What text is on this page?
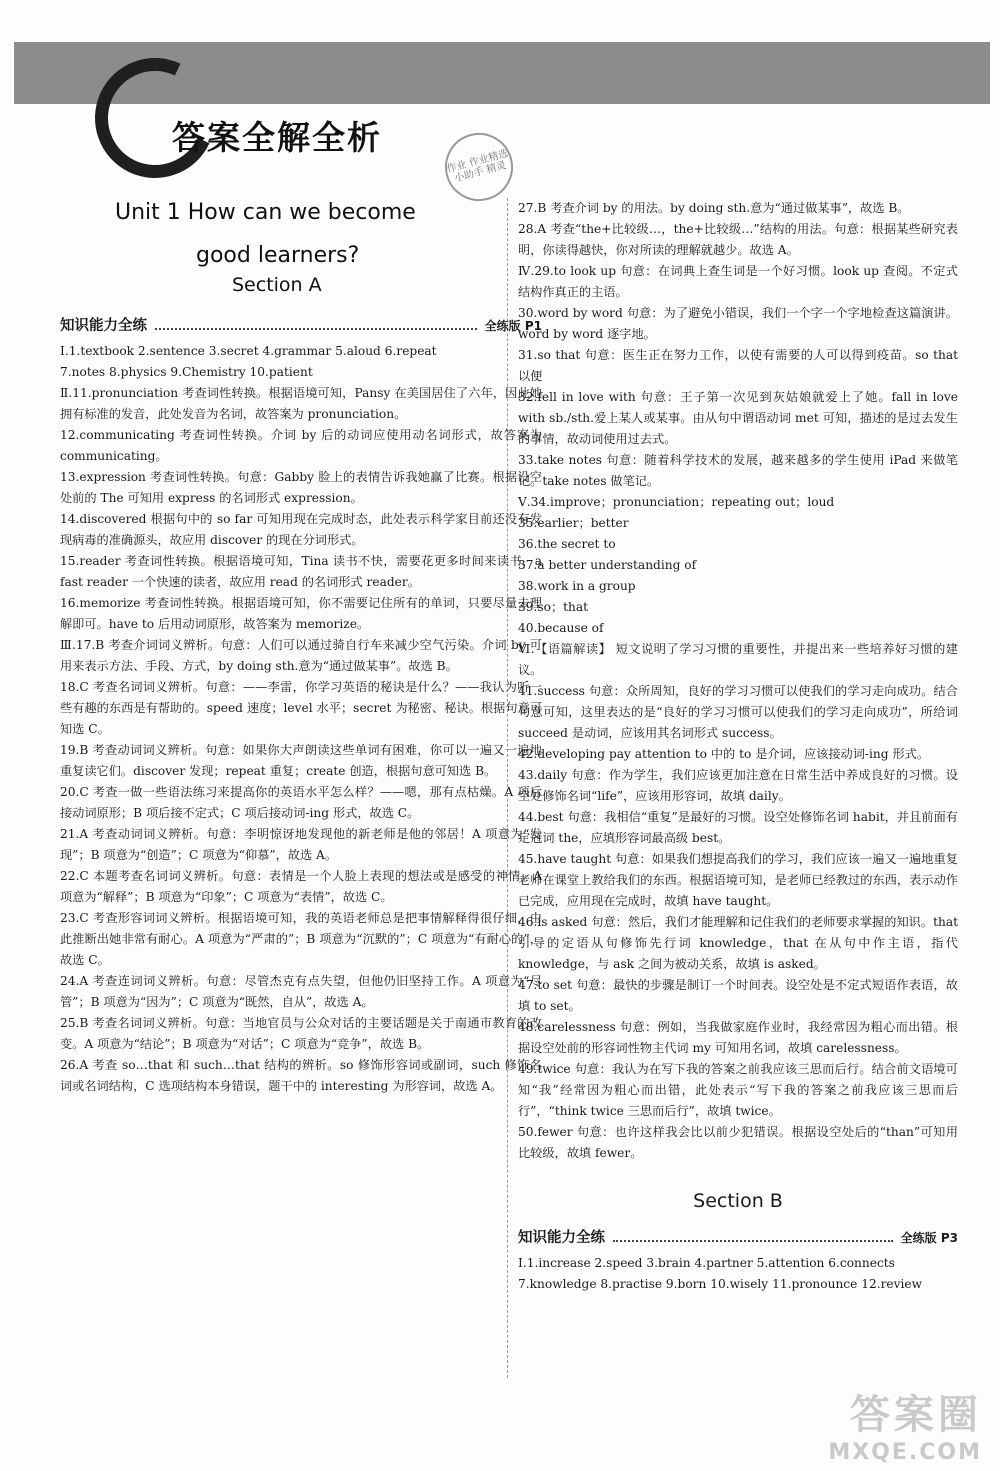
答案全解全析
作业 作业精选小助手 精灵
Unit 1 How can we become
good learners?
Section A
知识能力全练	全练版 P1

Ⅰ.1.textbook 2.sentence 3.secret 4.grammar 5.aloud 6.repeat

7.notes 8.physics 9.Chemistry 10.patient

Ⅱ.11.pronunciation 考查词性转换。根据语境可知，Pansy 在美国居住了六年，因此她拥有标准的发音，此处发音为名词，故答案为 pronunciation。

12.communicating 考查词性转换。介词 by 后的动词应使用动名词形式，故答案为 communicating。

13.expression 考查词性转换。句意：Gabby 脸上的表情告诉我她赢了比赛。根据设空处前的 The 可知用 express 的名词形式 expression。

14.discovered 根据句中的 so far 可知用现在完成时态，此处表示科学家目前还没有发现病毒的准确源头，故应用 discover 的现在分词形式。

15.reader 考查词性转换。根据语境可知，Tina 读书不快，需要花更多时间来读书，a fast reader 一个快速的读者，故应用 read 的名词形式 reader。

16.memorize 考查词性转换。根据语境可知，你不需要记住所有的单词，只要尽量去理解即可。have to 后用动词原形，故答案为 memorize。

Ⅲ.17.B 考查介词词义辨析。句意：人们可以通过骑自行车来减少空气污染。介词 by 可用来表示方法、手段、方式，by doing sth.意为“通过做某事”。故选 B。

18.C 考查名词词义辨析。句意：——李雷，你学习英语的秘诀是什么？——我认为听一些有趣的东西是有帮助的。speed 速度；level 水平；secret 为秘密、秘诀。根据句意可知选 C。

19.B 考查动词词义辨析。句意：如果你大声朗读这些单词有困难，你可以一遍又一遍地重复读它们。discover 发现；repeat 重复；create 创造，根据句意可知选 B。

20.C 考查一做一些语法练习来提高你的英语水平怎么样？——嗯，那有点枯燥。A 项后接动词原形；B 项后接不定式；C 项后接动词-ing 形式，故选 C。

21.A 考查动词词义辨析。句意：李明惊讶地发现他的新老师是他的邻居！A 项意为“发现”；B 项意为“创造”；C 项意为“仰慕”，故选 A。

22.C 本题考查名词词义辨析。句意：表情是一个人脸上表现的想法或是感受的神情。A 项意为“解释”；B 项意为“印象”；C 项意为“表情”，故选 C。

23.C 考查形容词词义辨析。根据语境可知，我的英语老师总是把事情解释得很仔细，由此推断出她非常有耐心。A 项意为“严肃的”；B 项意为“沉默的”；C 项意为“有耐心的”，故选 C。

24.A 考查连词词义辨析。句意：尽管杰克有点失望，但他仍旧坚持工作。A 项意为“尽管”；B 项意为“因为”；C 项意为“既然，自从”，故选 A。

25.B 考查名词词义辨析。句意：当地官员与公众对话的主要话题是关于南通市教育的改变。A 项意为“结论”；B 项意为“对话”；C 项意为“竞争”，故选 B。

26.A 考查 so…that 和 such…that 结构的辨析。so 修饰形容词或副词，such 修饰名词或名词结构，C 选项结构本身错误，题干中的 interesting 为形容词，故选 A。

27.B 考查介词 by 的用法。by doing sth.意为“通过做某事”，故选 B。

28.A 考查“the+比较级…，the+比较级…”结构的用法。句意：根据某些研究表明，你读得越快，你对所读的理解就越少。故选 A。

Ⅳ.29.to look up 句意：在词典上查生词是一个好习惯。look up 查阅。不定式结构作真正的主语。

30.word by word 句意：为了避免小错误，我们一个字一个字地检查这篇演讲。word by word 逐字地。

31.so that 句意：医生正在努力工作，以使有需要的人可以得到疫苗。so that 以便

32.fell in love with 句意：王子第一次见到灰姑娘就爱上了她。fall in love with sb./sth.爱上某人或某事。由从句中谓语动词 met 可知，描述的是过去发生的事情，故动词使用过去式。

33.take notes 句意：随着科学技术的发展，越来越多的学生使用 iPad 来做笔记。take notes 做笔记。

Ⅴ.34.improve；pronunciation；repeating out；loud

35.earlier；better

36.the secret to

37.a better understanding of

38.work in a group

39.so；that

40.because of

Ⅵ.【语篇解读】 短文说明了学习习惯的重要性，并提出来一些培养好习惯的建议。

41.success 句意：众所周知，良好的学习习惯可以使我们的学习走向成功。结合句意可知，这里表达的是“良好的学习习惯可以使我们的学习走向成功”，所给词 succeed 是动词，应该用其名词形式 success。

42.developing pay attention to 中的 to 是介词，应该接动词-ing 形式。

43.daily 句意：作为学生，我们应该更加注意在日常生活中养成良好的习惯。设空处修饰名词“life”，应该用形容词，故填 daily。

44.best 句意：我相信“重复”是最好的习惯。设空处修饰名词 habit，并且前面有定冠词 the，应填形容词最高级 best。

45.have taught 句意：如果我们想提高我们的学习，我们应该一遍又一遍地重复老师在课堂上教给我们的东西。根据语境可知，是老师已经教过的东西，表示动作已完成，应用现在完成时，故填 have taught。

46.is asked 句意：然后，我们才能理解和记住我们的老师要求掌握的知识。that 引导的定语从句修饰先行词 knowledge，that 在从句中作主语，指代 knowledge，与 ask 之间为被动关系，故填 is asked。

47.to set 句意：最快的步骤是制订一个时间表。设空处是不定式短语作表语，故填 to set。

48.carelessness 句意：例如，当我做家庭作业时，我经常因为粗心而出错。根据设空处前的形容词性物主代词 my 可知用名词，故填 carelessness。

49.twice 句意：我认为在写下我的答案之前我应该三思而后行。结合前文语境可知“我”经常因为粗心而出错，此处表示“写下我的答案之前我应该三思而后行”，“think twice 三思而后行”，故填 twice。

50.fewer 句意：也许这样我会比以前少犯错误。根据设空处后的“than”可知用比较级，故填 fewer。

Section B
知识能力全练	全练版 P3

Ⅰ.1.increase 2.speed 3.brain 4.partner 5.attention 6.connects

7.knowledge 8.practise 9.born 10.wisely 11.pronounce 12.review

答案圈
MXQE.COM
